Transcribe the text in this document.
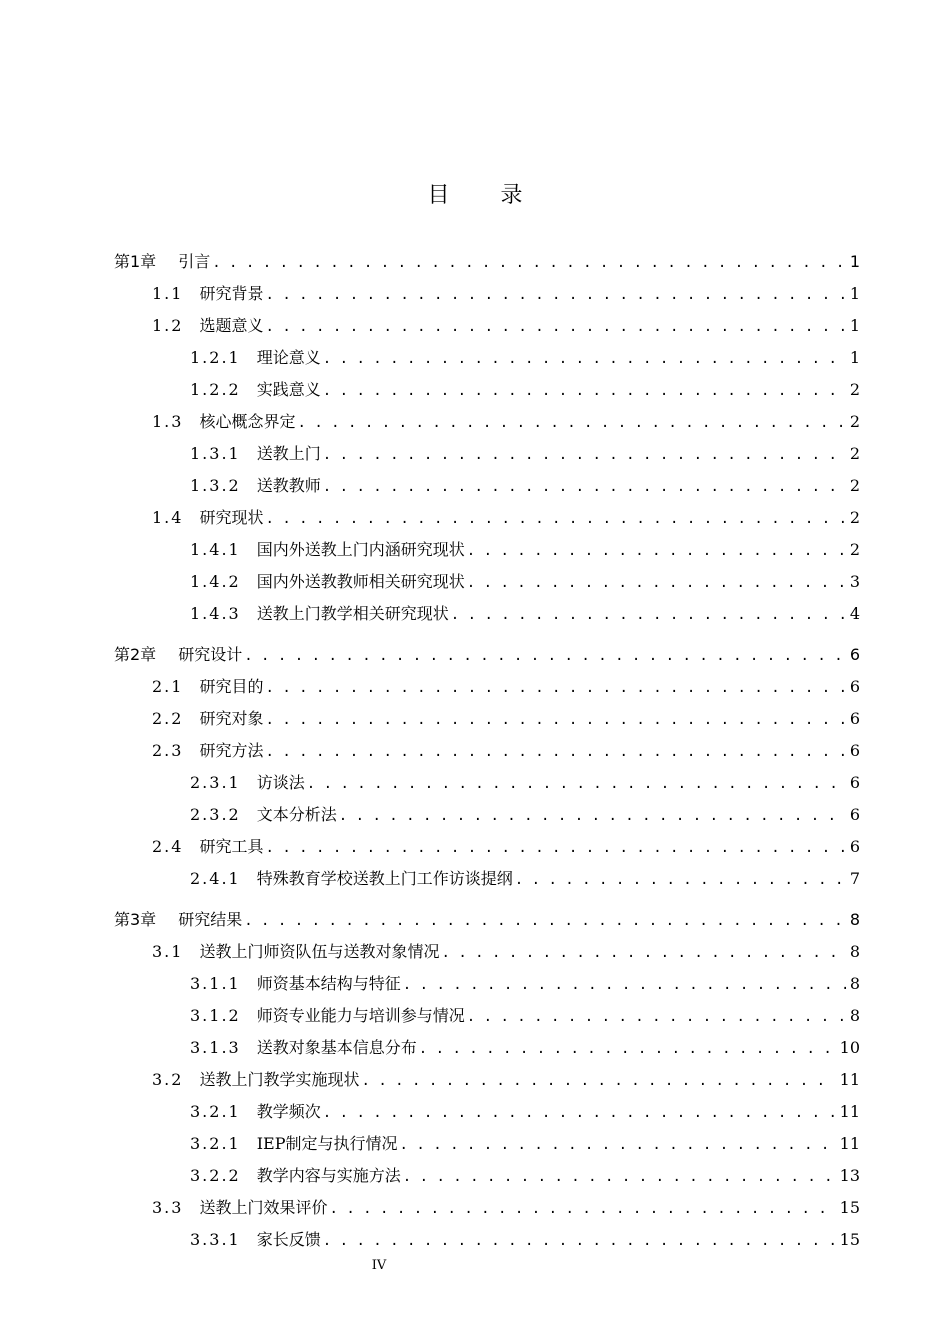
目 录
第1章 引言 . . .	1
1.1 研究背景 . . .	1
1.2 选题意义 . . .	1
1.2.1 理论意义 . . .	1
1.2.2 实践意义 . . .	2
1.3 核心概念界定 . . .	2
1.3.1 送教上门 . . .	2
1.3.2 送教教师 . . .	2
1.4 研究现状 . . .	2
1.4.1 国内外送教上门内涵研究现状 . . .	2
1.4.2 国内外送教教师相关研究现状 . . .	3
1.4.3 送教上门教学相关研究现状 . . .	4
第2章 研究设计 . . .	6
2.1 研究目的 . . .	6
2.2 研究对象 . . .	6
2.3 研究方法 . . .	6
2.3.1 访谈法 . . .	6
2.3.2 文本分析法 . . .	6
2.4 研究工具 . . .	6
2.4.1 特殊教育学校送教上门工作访谈提纲 . . .	7
第3章 研究结果 . . .	8
3.1 送教上门师资队伍与送教对象情况 . . .	8
3.1.1 师资基本结构与特征 . . .	8
3.1.2 师资专业能力与培训参与情况 . . .	8
3.1.3 送教对象基本信息分布 . . .	10
3.2 送教上门教学实施现状 . . .	11
3.2.1 教学频次 . . .	11
3.2.1 IEP制定与执行情况 . . .	11
3.2.2 教学内容与实施方法 . . .	13
3.3 送教上门效果评价 . . .	15
3.3.1 家长反馈 . . .	15
IV
